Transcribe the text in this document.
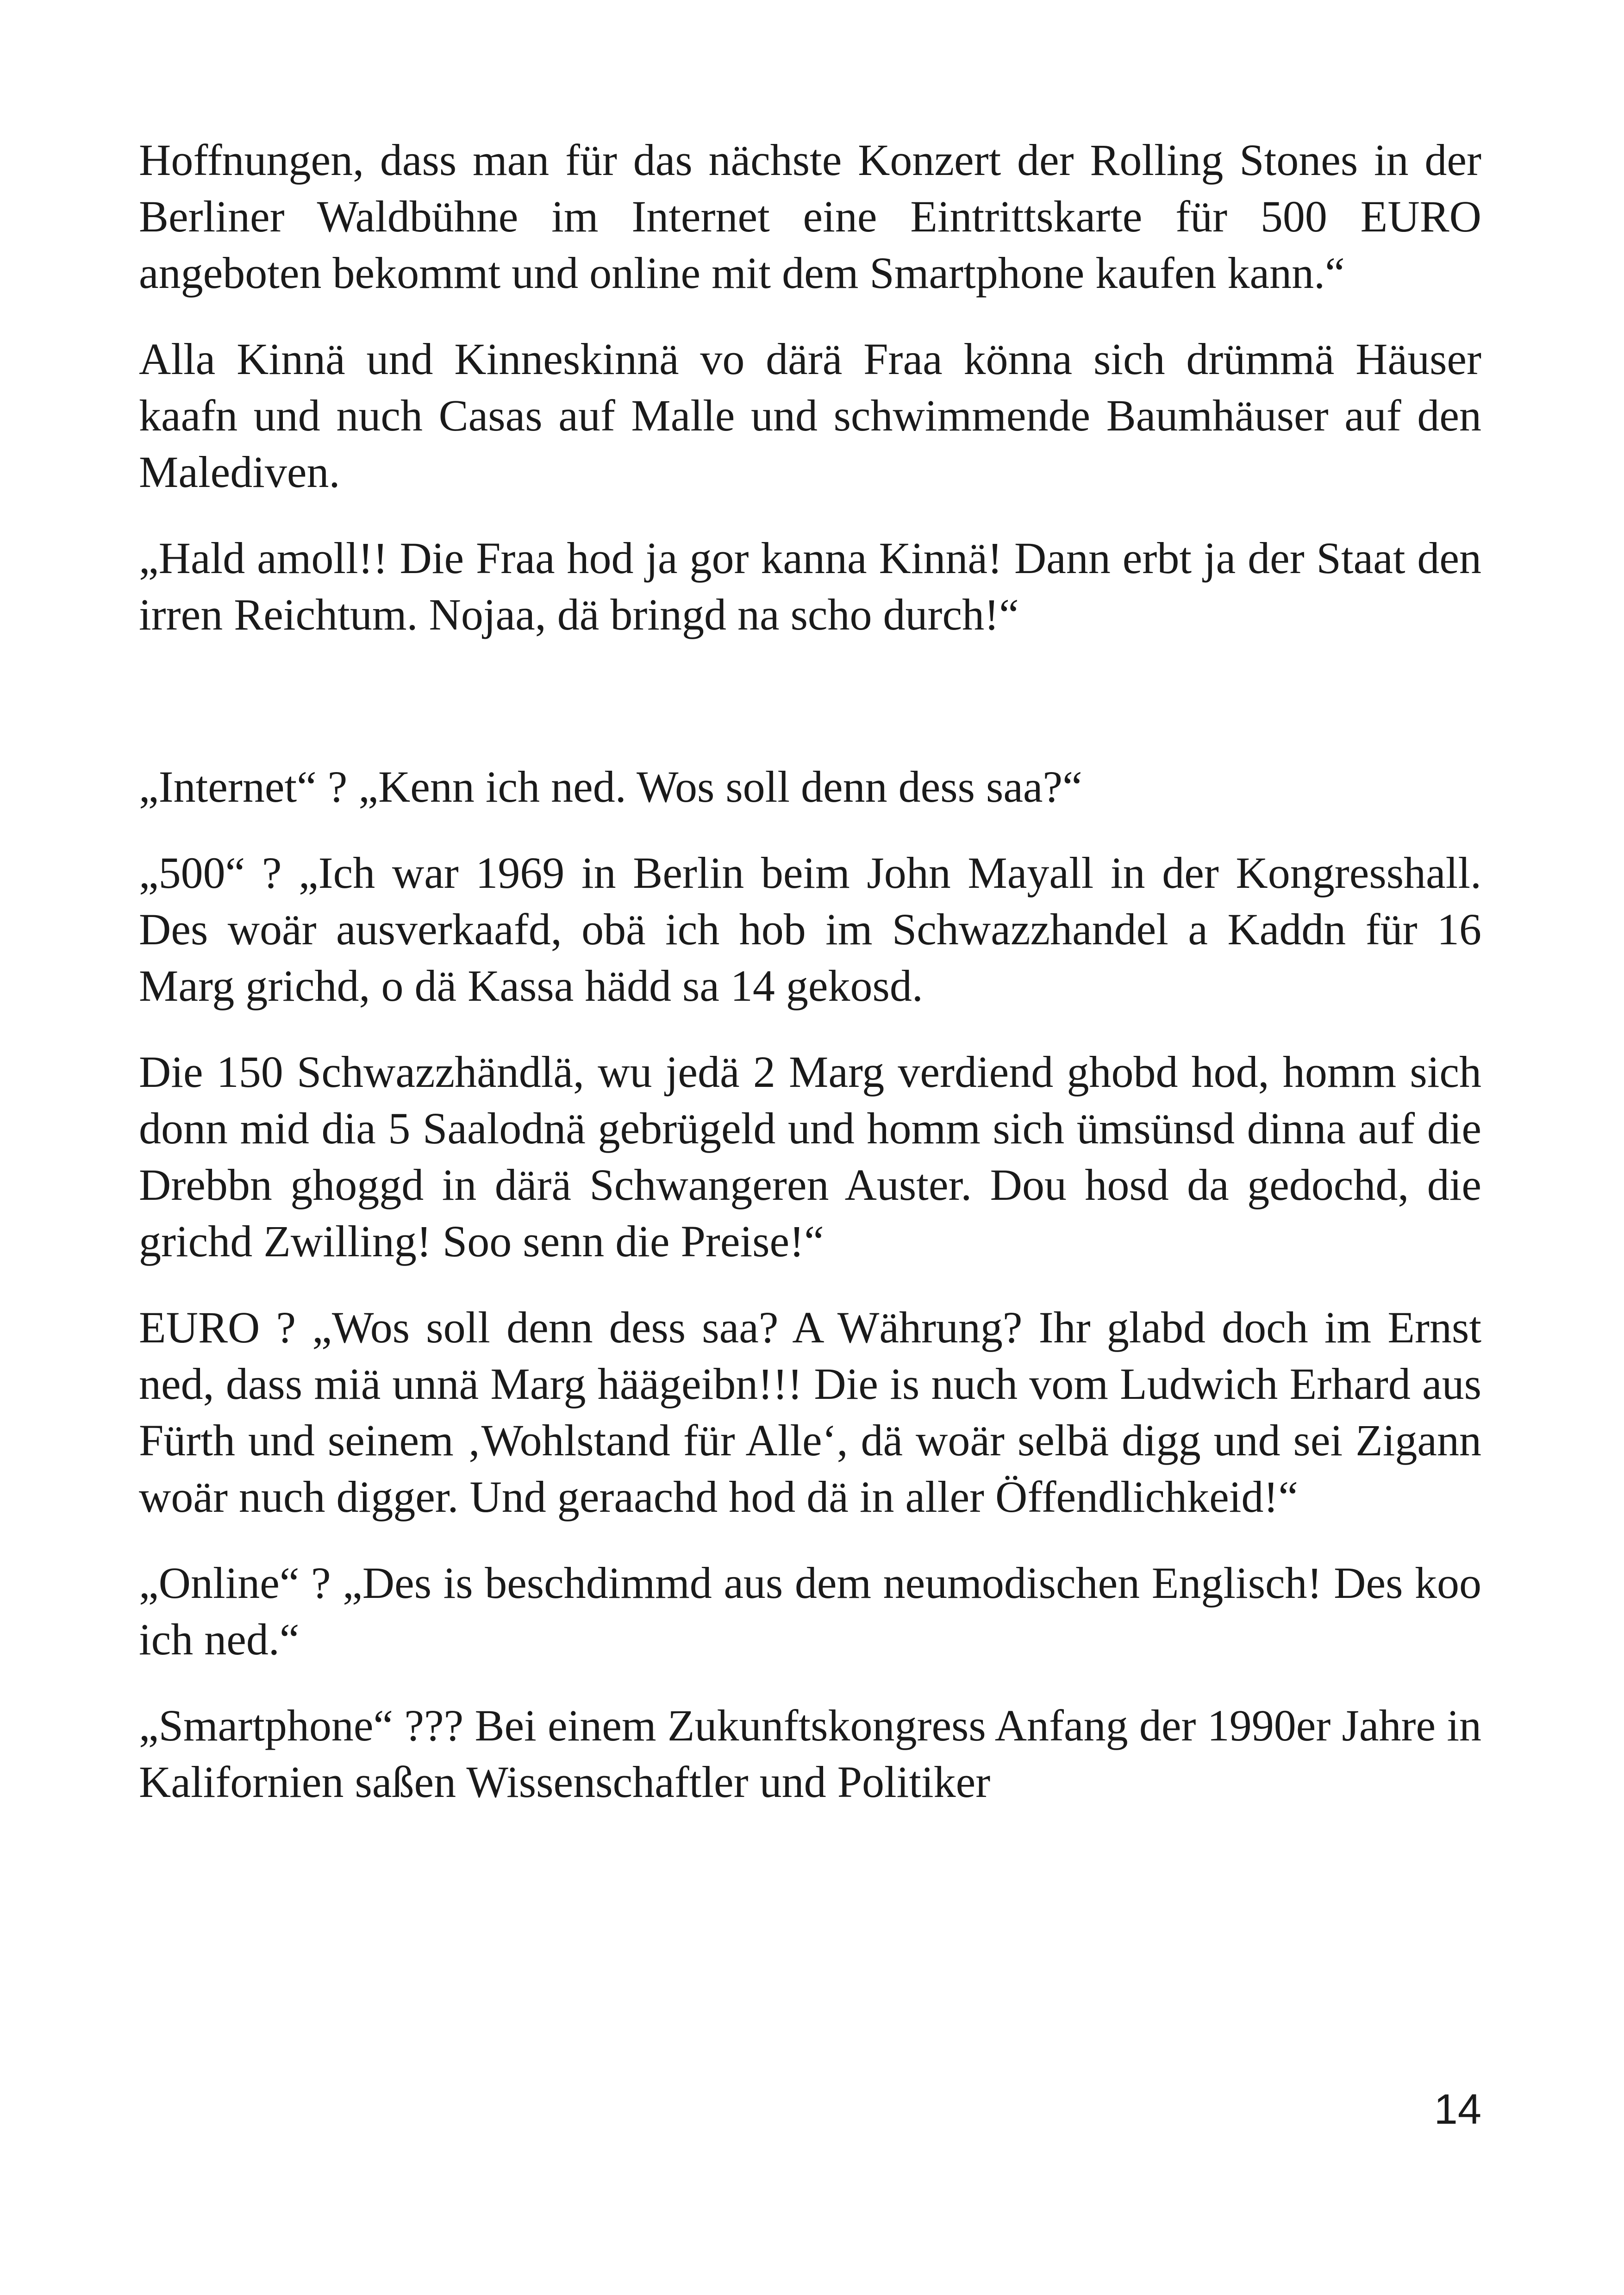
Hoffnungen, dass man für das nächste Konzert der Rolling Stones in der Berliner Waldbühne im Internet eine Eintrittskarte für 500 EURO angeboten bekommt und online mit dem Smartphone kaufen kann.“

Alla Kinnä und Kinneskinnä vo därä Fraa könna sich drümmä Häuser kaafn und nuch Casas auf Malle und schwimmende Baumhäuser auf den Malediven.

„Hald amoll!! Die Fraa hod ja gor kanna Kinnä! Dann erbt ja der Staat den irren Reichtum. Nojaa, dä bringd na scho durch!“

„Internet“ ? „Kenn ich ned. Wos soll denn dess saa?“

„500“ ? „Ich war 1969 in Berlin beim John Mayall in der Kongresshall. Des woär ausverkaafd, obä ich hob im Schwazzhandel a Kaddn für 16 Marg grichd, o dä Kassa hädd sa 14 gekosd.

Die 150 Schwazzhändlä, wu jedä 2 Marg verdiend ghobd hod, homm sich donn mid dia 5 Saalodnä gebrügeld und homm sich ümsünsd dinna auf die Drebbn ghoggd in därä Schwangeren Auster. Dou hosd da gedochd, die grichd Zwilling! Soo senn die Preise!“

EURO ? „Wos soll denn dess saa? A Währung? Ihr glabd doch im Ernst ned, dass miä unnä Marg häägeibn!!! Die is nuch vom Ludwich Erhard aus Fürth und seinem ‚Wohlstand für Alle‘, dä woär selbä digg und sei Zigann woär nuch digger. Und geraachd hod dä in aller Öffendlichkeid!“

„Online“ ? „Des is beschdimmd aus dem neumodischen Englisch! Des koo ich ned.“

„Smartphone“ ??? Bei einem Zukunftskongress Anfang der 1990er Jahre in Kalifornien saßen Wissenschaftler und Politiker

14
